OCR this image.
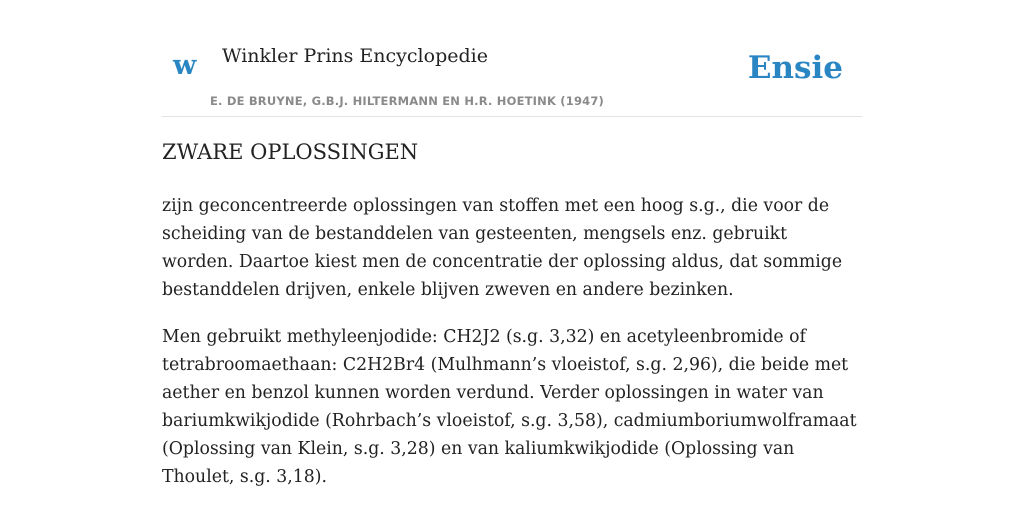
w Winkler Prins Encyclopedie
E. DE BRUYNE, G.B.J. HILTERMANN EN H.R. HOETINK (1947)
Ensie
ZWARE OPLOSSINGEN

zijn geconcentreerde oplossingen van stoffen met een hoog s.g., die voor de scheiding van de bestanddelen van gesteenten, mengsels enz. gebruikt worden. Daartoe kiest men de concentratie der oplossing aldus, dat sommige bestanddelen drijven, enkele blijven zweven en andere bezinken.

Men gebruikt methyleenjodide: CH2J2 (s.g. 3,32) en acetyleenbromide of tetrabroomaethaan: C2H2Br4 (Mulhmann’s vloeistof, s.g. 2,96), die beide met aether en benzol kunnen worden verdund. Verder oplossingen in water van bariumkwikjodide (Rohrbach’s vloeistof, s.g. 3,58), cadmiumboriumwolframaat (Oplossing van Klein, s.g. 3,28) en van kaliumkwikjodide (Oplossing van Thoulet, s.g. 3,18).
